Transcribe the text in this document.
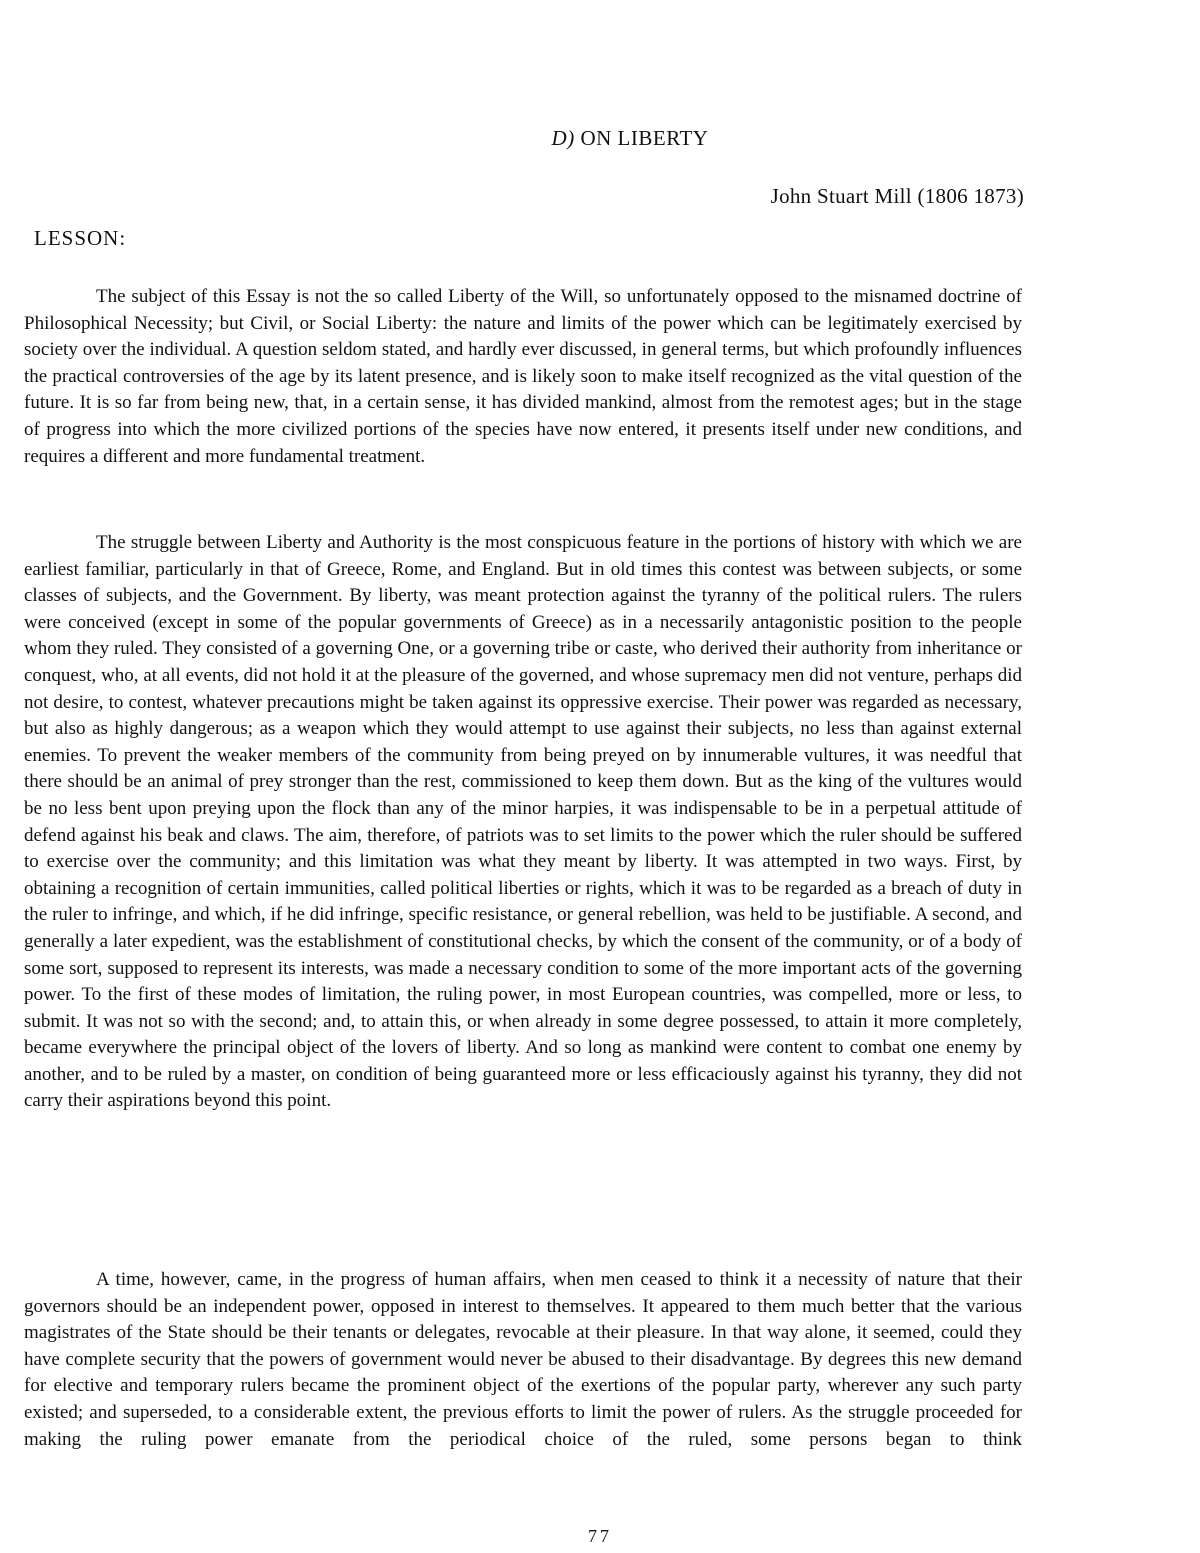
D) ON LIBERTY
John Stuart Mill (1806 1873)
LESSON:

The subject of this Essay is not the so called Liberty of the Will, so unfortunately opposed to the misnamed doctrine of Philosophical Necessity; but Civil, or Social Liberty: the nature and limits of the power which can be legitimately exercised by society over the individual. A question seldom stated, and hardly ever discussed, in general terms, but which profoundly influences the practical controversies of the age by its latent presence, and is likely soon to make itself recognized as the vital question of the future. It is so far from being new, that, in a certain sense, it has divided mankind, almost from the remotest ages; but in the stage of progress into which the more civilized portions of the species have now entered, it presents itself under new conditions, and requires a different and more fundamental treatment.

The struggle between Liberty and Authority is the most conspicuous feature in the portions of history with which we are earliest familiar, particularly in that of Greece, Rome, and England. But in old times this contest was between subjects, or some classes of subjects, and the Government. By liberty, was meant protection against the tyranny of the political rulers. The rulers were conceived (except in some of the popular governments of Greece) as in a necessarily antagonistic position to the people whom they ruled. They consisted of a governing One, or a governing tribe or caste, who derived their authority from inheritance or conquest, who, at all events, did not hold it at the pleasure of the governed, and whose supremacy men did not venture, perhaps did not desire, to contest, whatever precautions might be taken against its oppressive exercise. Their power was regarded as necessary, but also as highly dangerous; as a weapon which they would attempt to use against their subjects, no less than against external enemies. To prevent the weaker members of the community from being preyed on by innumerable vultures, it was needful that there should be an animal of prey stronger than the rest, commissioned to keep them down. But as the king of the vultures would be no less bent upon preying upon the flock than any of the minor harpies, it was indispensable to be in a perpetual attitude of defend against his beak and claws. The aim, therefore, of patriots was to set limits to the power which the ruler should be suffered to exercise over the community; and this limitation was what they meant by liberty. It was attempted in two ways. First, by obtaining a recognition of certain immunities, called political liberties or rights, which it was to be regarded as a breach of duty in the ruler to infringe, and which, if he did infringe, specific resistance, or general rebellion, was held to be justifiable. A second, and generally a later expedient, was the establishment of constitutional checks, by which the consent of the community, or of a body of some sort, supposed to represent its interests, was made a necessary condition to some of the more important acts of the governing power. To the first of these modes of limitation, the ruling power, in most European countries, was compelled, more or less, to submit. It was not so with the second; and, to attain this, or when already in some degree possessed, to attain it more completely, became everywhere the principal object of the lovers of liberty. And so long as mankind were content to combat one enemy by another, and to be ruled by a master, on condition of being guaranteed more or less efficaciously against his tyranny, they did not carry their aspirations beyond this point.

A time, however, came, in the progress of human affairs, when men ceased to think it a necessity of nature that their governors should be an independent power, opposed in interest to themselves. It appeared to them much better that the various magistrates of the State should be their tenants or delegates, revocable at their pleasure. In that way alone, it seemed, could they have complete security that the powers of government would never be abused to their disadvantage. By degrees this new demand for elective and temporary rulers became the prominent object of the exertions of the popular party, wherever any such party existed; and superseded, to a considerable extent, the previous efforts to limit the power of rulers. As the struggle proceeded for making the ruling power emanate from the periodical choice of the ruled, some persons began to think

77
